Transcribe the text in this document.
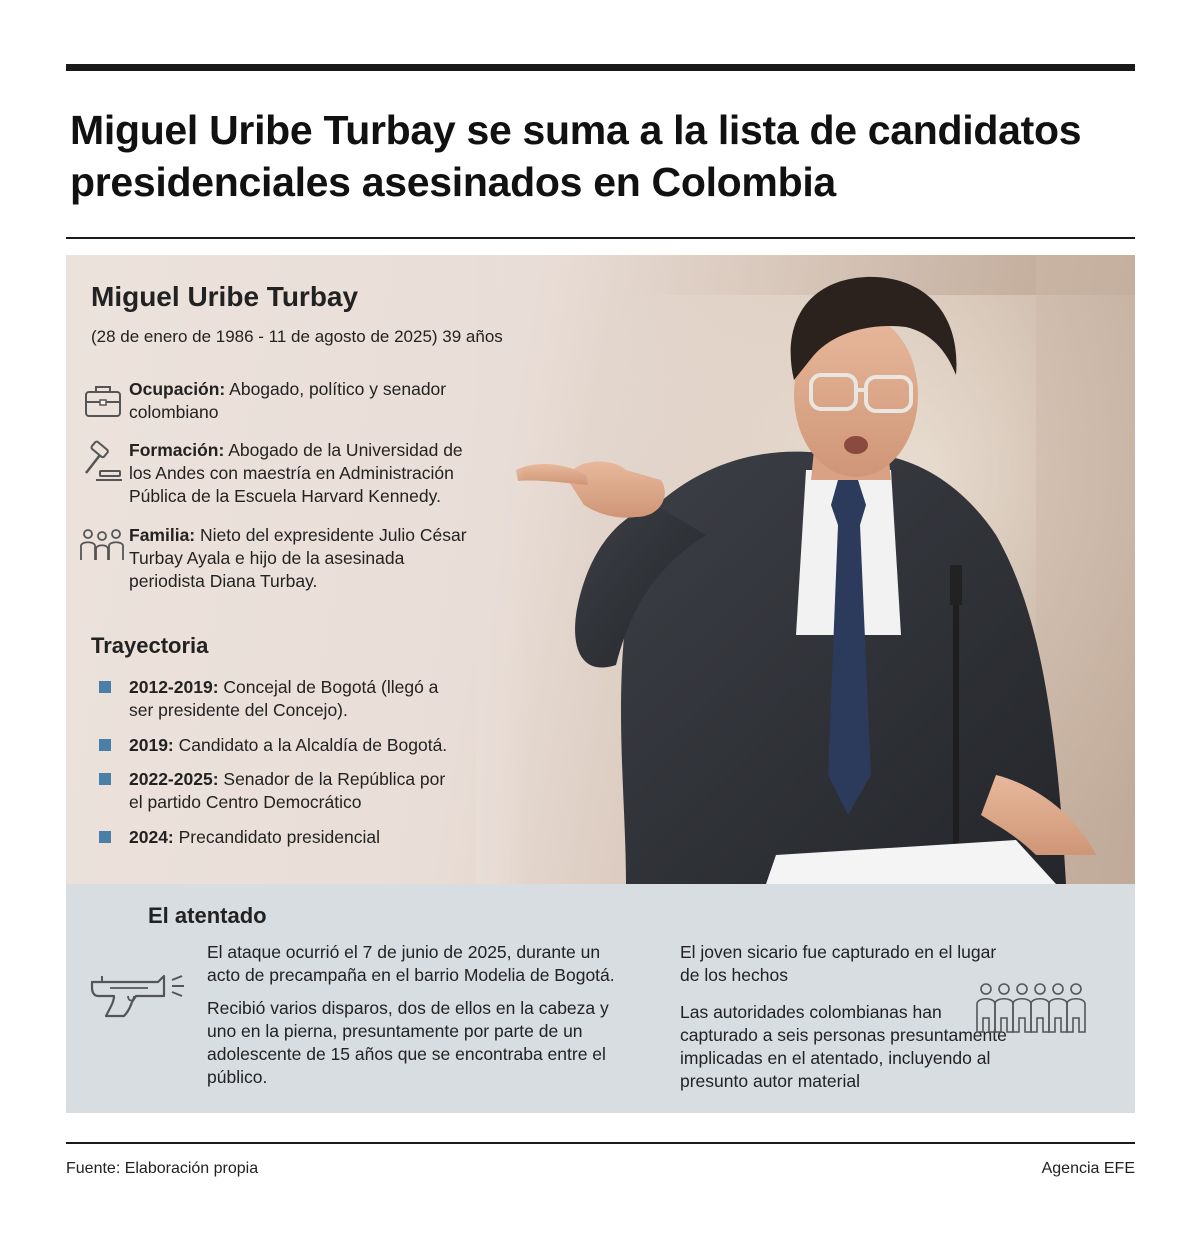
Miguel Uribe Turbay se suma a la lista de candidatos presidenciales asesinados en Colombia
Miguel Uribe Turbay
(28 de enero de 1986 - 11 de agosto de 2025) 39 años
Ocupación: Abogado, político y senador colombiano
Formación: Abogado de la Universidad de los Andes con maestría en Administración Pública de la Escuela Harvard Kennedy.
Familia: Nieto del expresidente Julio César Turbay Ayala e hijo de la asesinada periodista Diana Turbay.
Trayectoria
2012-2019: Concejal de Bogotá (llegó a ser presidente del Concejo).
2019: Candidato a la Alcaldía de Bogotá.
2022-2025: Senador de la República por el partido Centro Democrático
2024: Precandidato presidencial
El atentado
El ataque ocurrió el 7 de junio de 2025, durante un acto de precampaña en el barrio Modelia de Bogotá.
Recibió varios disparos, dos de ellos en la cabeza y uno en la pierna, presuntamente por parte de un adolescente de 15 años que se encontraba entre el público.
El joven sicario fue capturado en el lugar de los hechos
Las autoridades colombianas han capturado a seis personas presuntamente implicadas en el atentado, incluyendo al presunto autor material
Fuente: Elaboración propia	Agencia EFE
